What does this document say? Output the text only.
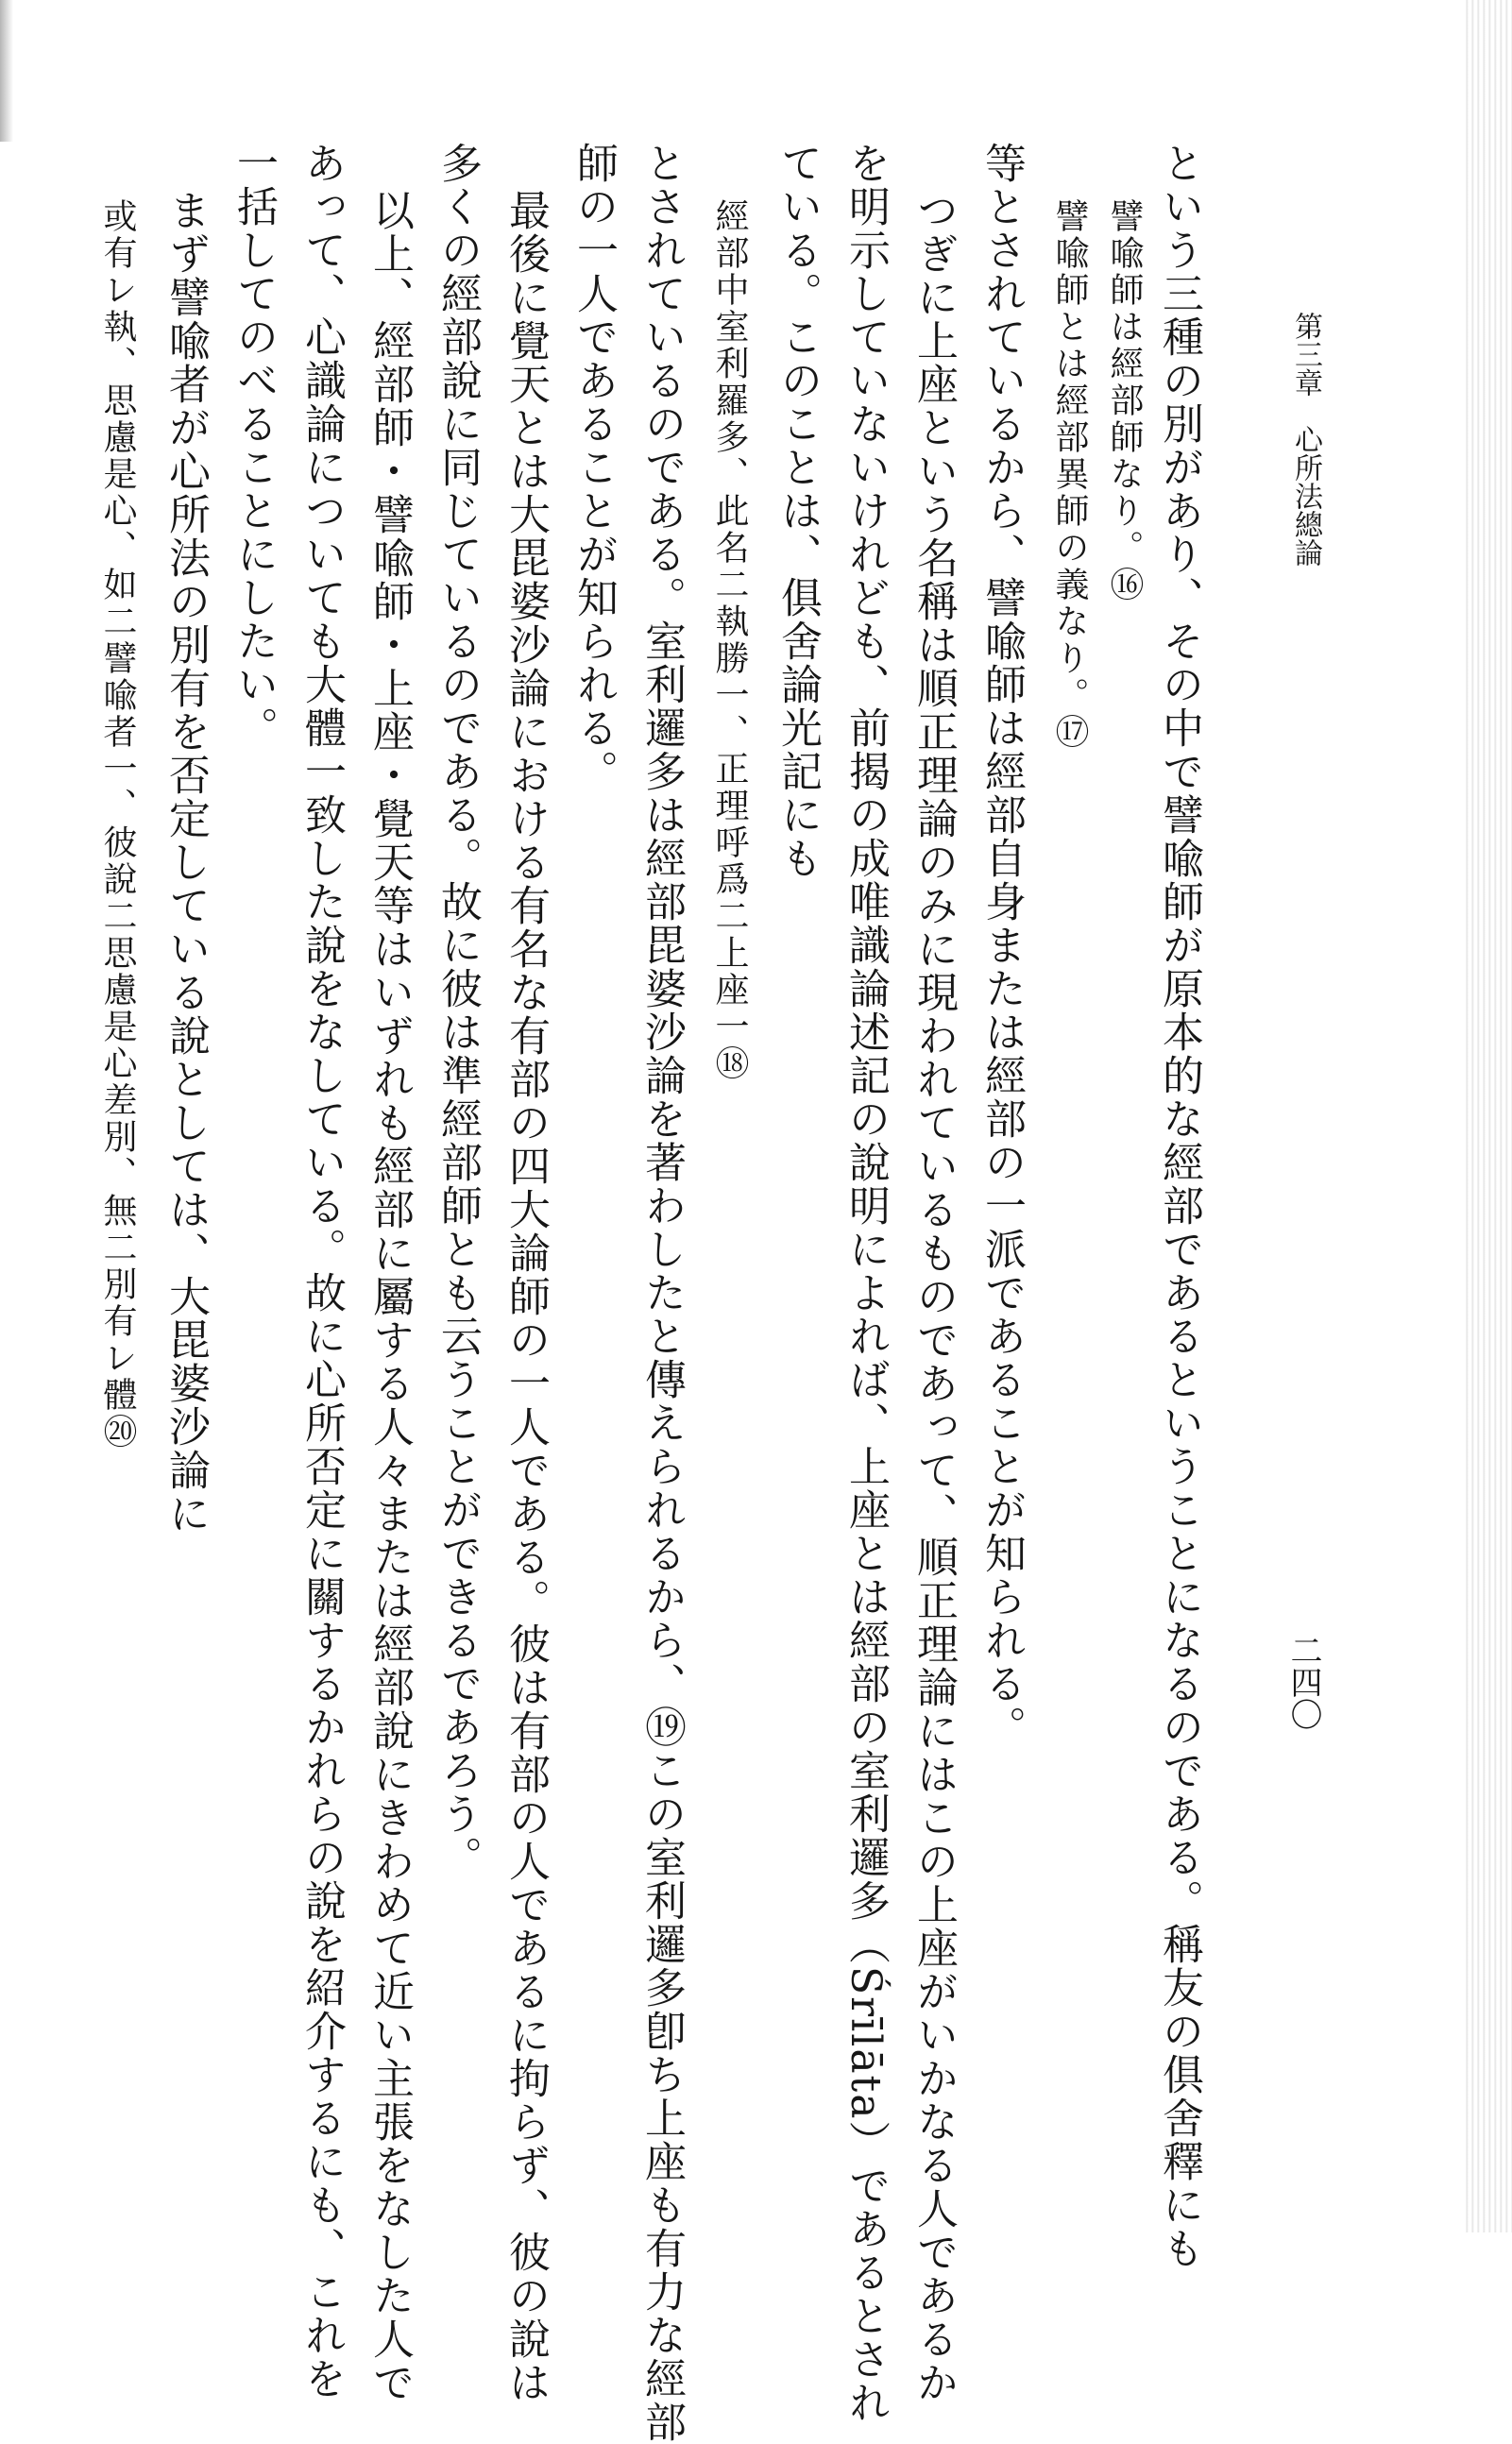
第三章　心所法總論
二四〇
という三種の別があり、その中で譬喩師が原本的な經部であるということになるのである。稱友の俱舍釋にも
譬喩師は經部師なり。⑯
譬喩師とは經部異師の義なり。⑰
等とされているから、譬喩師は經部自身または經部の一派であることが知られる。
つぎに上座という名稱は順正理論のみに現われているものであって、順正理論にはこの上座がいかなる人であるか
を明示していないけれども、前揭の成唯識論述記の說明によれば、上座とは經部の室利邏多（Śrīlāta）であるとされ
ている。このことは、俱舍論光記にも
經部中室利羅多、此名二執勝一、正理呼爲二上座一⑱
とされているのである。室利邏多は經部毘婆沙論を著わしたと傳えられるから、⑲この室利邏多卽ち上座も有力な經部
師の一人であることが知られる。
最後に覺天とは大毘婆沙論における有名な有部の四大論師の一人である。彼は有部の人であるに拘らず、彼の說は
多くの經部說に同じているのである。故に彼は準經部師とも云うことができるであろう。
以上、經部師・譬喩師・上座・覺天等はいずれも經部に屬する人々または經部說にきわめて近い主張をなした人で
あって、心識論についても大體一致した說をなしている。故に心所否定に關するかれらの說を紹介するにも、これを
一括してのべることにしたい。
まず譬喩者が心所法の別有を否定している說としては、大毘婆沙論に
或有レ執、思慮是心、如二譬喩者一、彼說二思慮是心差別、無二別有レ體⑳
